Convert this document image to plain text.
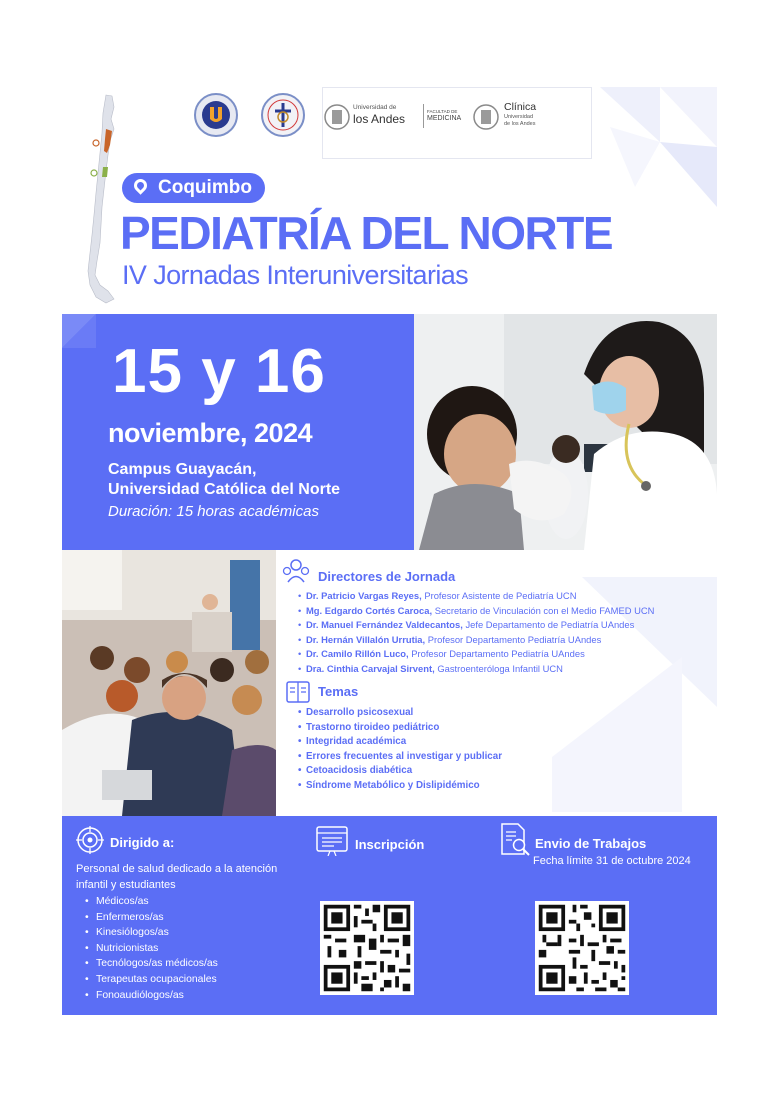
Universidad de
los Andes
FACULTAD DE
MEDICINA
Clínica
Universidad
de los Andes
Coquimbo
PEDIATRÍA DEL NORTE
IV Jornadas Interuniversitarias
15 y 16
noviembre, 2024
Campus Guayacán,
Universidad Católica del Norte
Duración: 15 horas académicas
Directores de Jornada
• Dr. Patricio Vargas Reyes, Profesor Asistente de Pediatría UCN
• Mg. Edgardo Cortés Caroca, Secretario de Vinculación con el Medio FAMED UCN
• Dr. Manuel Fernández Valdecantos, Jefe Departamento de Pediatría UAndes
• Dr. Hernán Villalón Urrutia, Profesor Departamento Pediatría UAndes
• Dr. Camilo Rillón Luco, Profesor Departamento Pediatría UAndes
• Dra. Cinthia Carvajal Sirvent, Gastroenteróloga Infantil UCN
Temas
• Desarrollo psicosexual
• Trastorno tiroideo pediátrico
• Integridad académica
• Errores frecuentes al investigar y publicar
• Cetoacidosis diabética
• Síndrome Metabólico y Dislipidémico
Dirigido a:
Personal de salud dedicado a la atención
infantil y estudiantes
• Médicos/as
• Enfermeros/as
• Kinesiólogos/as
• Nutricionistas
• Tecnólogos/as médicos/as
• Terapeutas ocupacionales
• Fonoaudiólogos/as
Inscripción	Envio de Trabajos
Fecha límite 31 de octubre 2024
